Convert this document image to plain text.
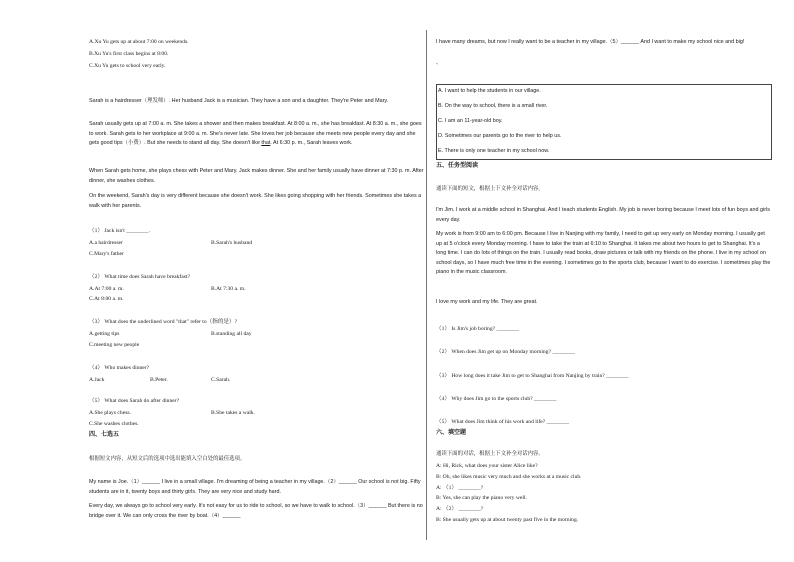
A.Xu Yu gets up at about 7:00 on weekends.
B.Xu Yu's first class begins at 8:00.
C.Xu Yu gets to school very early.
Sarah is a hairdresser（理发师）. Her husband Jack is a musician. They have a son and a daughter. They're Peter and Mary.
Sarah usually gets up at 7:00 a. m. She takes a shower and then makes breakfast. At 8:00 a. m., she has breakfast. At 8:30 a. m., she goes to work. Sarah gets to her workplace at 9:00 a. m. She's never late. She loves her job because she meets new people every day and she gets good tips（小费）. But she needs to stand all day. She doesn't like that. At 6:30 p. m., Sarah leaves work.
When Sarah gets home, she plays chess with Peter and Mary. Jack makes dinner. She and her family usually have dinner at 7:30 p. m. After dinner, she washes clothes.
On the weekend, Sarah's day is very different because she doesn't work. She likes going shopping with her friends. Sometimes she takes a walk with her parents.
（1） Jack isn't ________.
A.a hairdresser	B.Sarah's husband
C.Mary's father
（2） What time does Sarah have breakfast?
A.At 7:00 a. m.	B.At 7:30 a. m.
C.At 8:00 a. m.
（3） What does the underlined word "that" refer to（指的是）?
A.getting tips	B.standing all day
C.meeting new people
（4） Who makes dinner?
A.Jack	B.Peter.	C.Sarah.
（5） What does Sarah do after dinner?
A.She plays chess.	B.She takes a walk.
C.She washes clothes.
四、七选五
根据短文内容，从短文后的选项中选出能填入空白处的最佳选项。
My name is Joe.（1）______ I live in a small village. I'm dreaming of being a teacher in my village.（2）______ Our school is not big. Fifty students are in it, twenty boys and thirty girls. They are very nice and study hard.
Every day, we always go to school very early. It's not easy for us to ride to school, so we have to walk to school.（3）______ But there is no bridge over it. We can only cross the river by boat.（4）______
I have many dreams, but now I really want to be a teacher in my village.（5）______ And I want to make my school nice and big!
、
A. I want to help the students in our village.
B. On the way to school, there is a small river.
C. I am an 11-year-old boy.
D. Sometimes our parents go to the river to help us.
E. There is only one teacher in my school now.
五、任务型阅读
通读下面的短文，根据上下文补全对话内容。
I'm Jim. I work at a middle school in Shanghai. And I teach students English. My job is never boring because I meet lots of fun boys and girls every day.
My work is from 9:00 am to 6:00 pm. Because I live in Nanjing with my family, I need to get up very early on Monday morning. I usually get up at 5 o'clock every Monday morning. I have to take the train at 6:10 to Shanghai. It takes me about two hours to get to Shanghai. It's a long time. I can do lots of things on the train. I usually read books, draw pictures or talk with my friends on the phone. I live in my school on school days, so I have much free time in the evening. I sometimes go to the sports club, because I want to do exercise. I sometimes play the piano in the music classroom.
I love my work and my life. They are great.
（1） Is Jim's job boring? ________
（2） When does Jim get up on Monday morning? ________
（3） How long does it take Jim to get to Shanghai from Nanjing by train? ________
（4） Why does Jim go to the sports club? ________
（5） What does Jim think of his work and life? ________
六、填空题
通读下面的对话，根据上下文补全对话内容。
A: Hi, Rick, what does your sister Alice like?
B: Oh, she likes music very much and she works at a music club.
A: （1） ________?
B: Yes, she can play the piano very well.
A: （2） ________?
B: She usually gets up at about twenty past five in the morning.
